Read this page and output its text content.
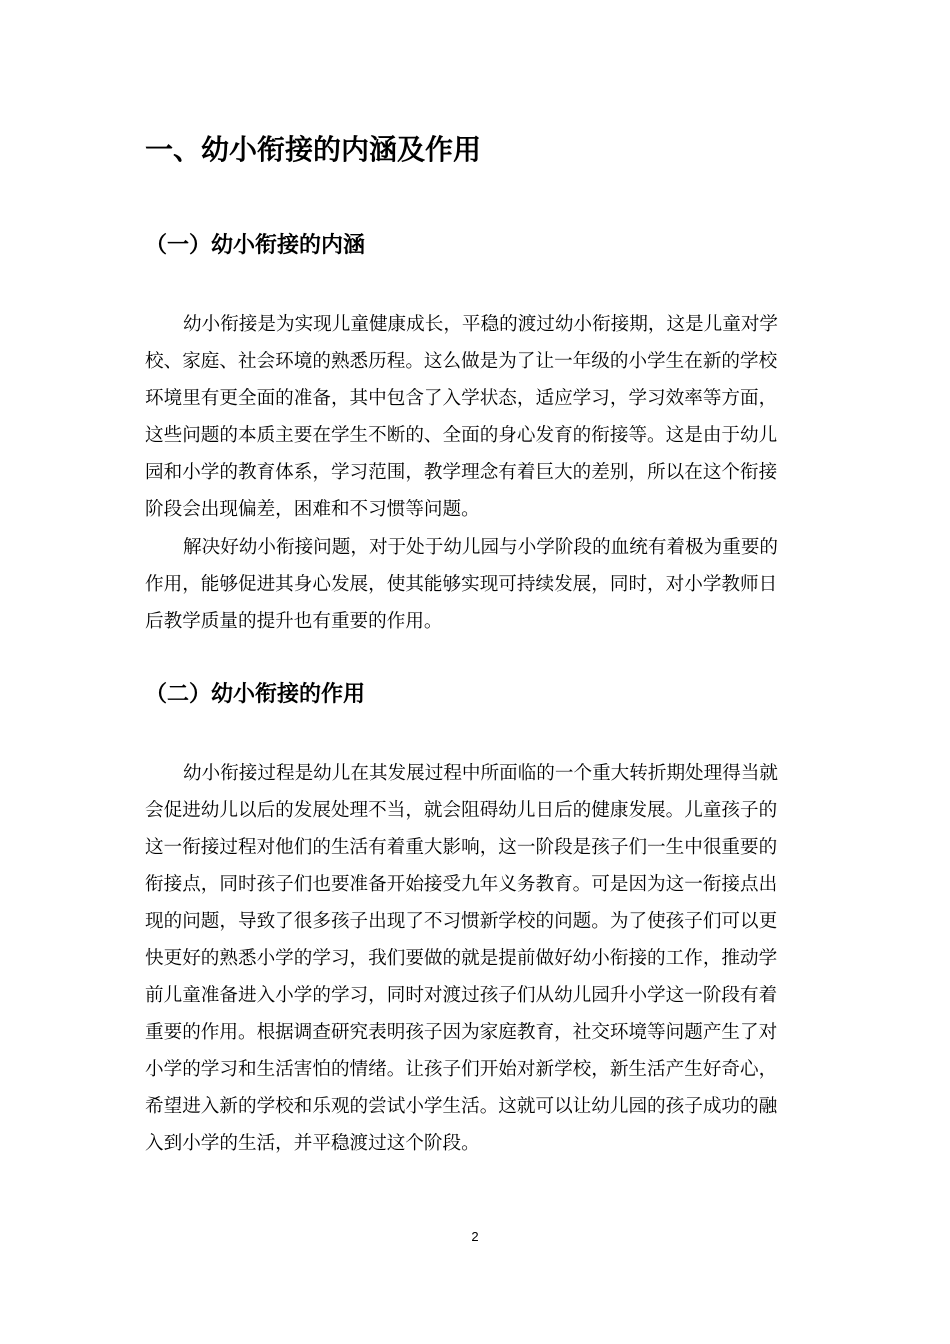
一、幼小衔接的内涵及作用
（一）幼小衔接的内涵
幼小衔接是为实现儿童健康成长，平稳的渡过幼小衔接期，这是儿童对学
校、家庭、社会环境的熟悉历程。这么做是为了让一年级的小学生在新的学校
环境里有更全面的准备，其中包含了入学状态，适应学习，学习效率等方面，
这些问题的本质主要在学生不断的、全面的身心发育的衔接等。这是由于幼儿
园和小学的教育体系，学习范围，教学理念有着巨大的差别，所以在这个衔接
阶段会出现偏差，困难和不习惯等问题。
解决好幼小衔接问题，对于处于幼儿园与小学阶段的血统有着极为重要的
作用，能够促进其身心发展，使其能够实现可持续发展，同时，对小学教师日
后教学质量的提升也有重要的作用。
（二）幼小衔接的作用
幼小衔接过程是幼儿在其发展过程中所面临的一个重大转折期处理得当就
会促进幼儿以后的发展处理不当，就会阻碍幼儿日后的健康发展。儿童孩子的
这一衔接过程对他们的生活有着重大影响，这一阶段是孩子们一生中很重要的
衔接点，同时孩子们也要准备开始接受九年义务教育。可是因为这一衔接点出
现的问题，导致了很多孩子出现了不习惯新学校的问题。为了使孩子们可以更
快更好的熟悉小学的学习，我们要做的就是提前做好幼小衔接的工作，推动学
前儿童准备进入小学的学习，同时对渡过孩子们从幼儿园升小学这一阶段有着
重要的作用。根据调查研究表明孩子因为家庭教育，社交环境等问题产生了对
小学的学习和生活害怕的情绪。让孩子们开始对新学校，新生活产生好奇心，
希望进入新的学校和乐观的尝试小学生活。这就可以让幼儿园的孩子成功的融
入到小学的生活，并平稳渡过这个阶段。
2
